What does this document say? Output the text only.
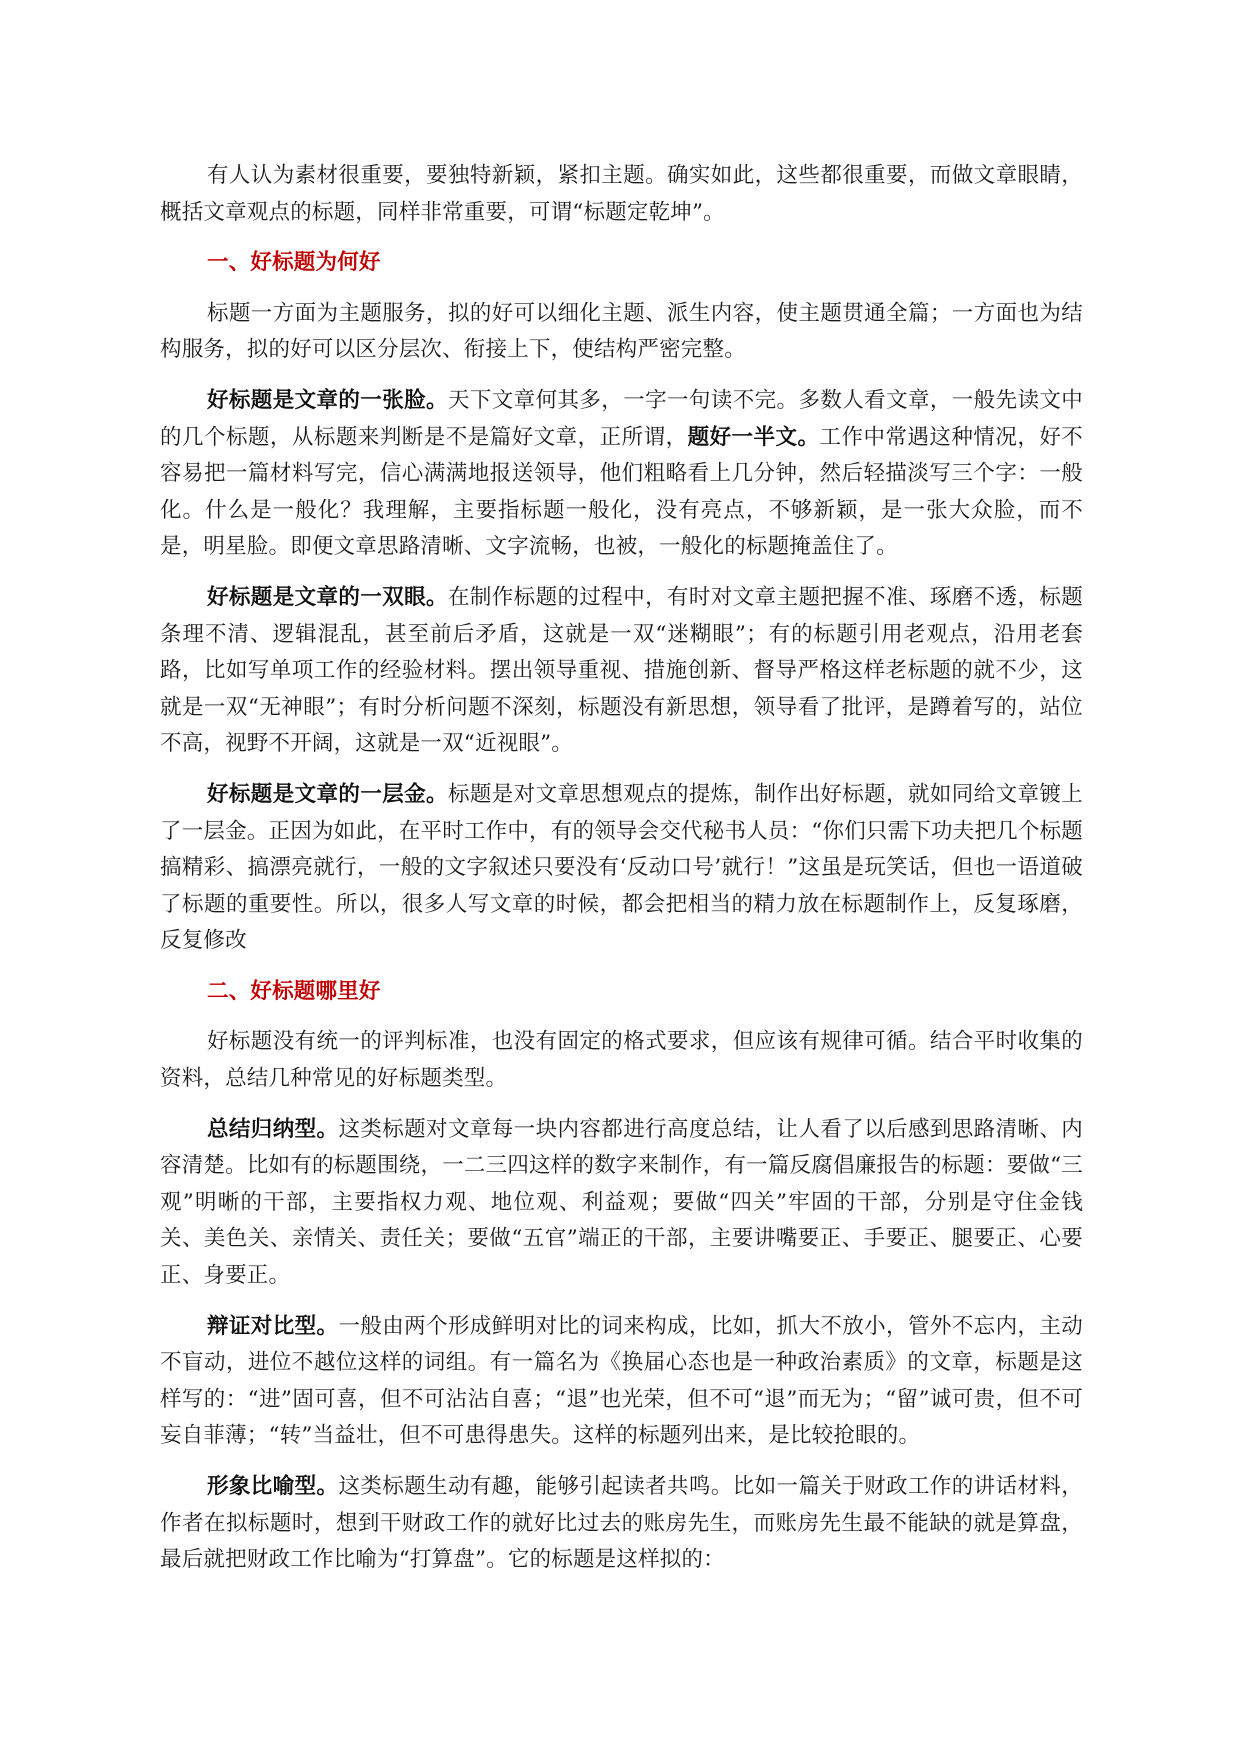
有人认为素材很重要，要独特新颖，紧扣主题。确实如此，这些都很重要，而做文章眼睛，概括文章观点的标题，同样非常重要，可谓“标题定乾坤”。

一、好标题为何好

标题一方面为主题服务，拟的好可以细化主题、派生内容，使主题贯通全篇；一方面也为结构服务，拟的好可以区分层次、衔接上下，使结构严密完整。

好标题是文章的一张脸。天下文章何其多，一字一句读不完。多数人看文章，一般先读文中的几个标题，从标题来判断是不是篇好文章，正所谓，题好一半文。工作中常遇这种情况，好不容易把一篇材料写完，信心满满地报送领导，他们粗略看上几分钟，然后轻描淡写三个字：一般化。什么是一般化？我理解，主要指标题一般化，没有亮点，不够新颖，是一张大众脸，而不是，明星脸。即便文章思路清晰、文字流畅，也被，一般化的标题掩盖住了。

好标题是文章的一双眼。在制作标题的过程中，有时对文章主题把握不准、琢磨不透，标题条理不清、逻辑混乱，甚至前后矛盾，这就是一双“迷糊眼”；有的标题引用老观点，沿用老套路，比如写单项工作的经验材料。摆出领导重视、措施创新、督导严格这样老标题的就不少，这就是一双“无神眼”；有时分析问题不深刻，标题没有新思想，领导看了批评，是蹲着写的，站位不高，视野不开阔，这就是一双“近视眼”。

好标题是文章的一层金。标题是对文章思想观点的提炼，制作出好标题，就如同给文章镀上了一层金。正因为如此，在平时工作中，有的领导会交代秘书人员：“你们只需下功夫把几个标题搞精彩、搞漂亮就行，一般的文字叙述只要没有‘反动口号’就行！”这虽是玩笑话，但也一语道破了标题的重要性。所以，很多人写文章的时候，都会把相当的精力放在标题制作上，反复琢磨，反复修改

二、好标题哪里好

好标题没有统一的评判标准，也没有固定的格式要求，但应该有规律可循。结合平时收集的资料，总结几种常见的好标题类型。

总结归纳型。这类标题对文章每一块内容都进行高度总结，让人看了以后感到思路清晰、内容清楚。比如有的标题围绕，一二三四这样的数字来制作，有一篇反腐倡廉报告的标题：要做“三观”明晰的干部，主要指权力观、地位观、利益观；要做“四关”牢固的干部，分别是守住金钱关、美色关、亲情关、责任关；要做“五官”端正的干部，主要讲嘴要正、手要正、腿要正、心要正、身要正。

辩证对比型。一般由两个形成鲜明对比的词来构成，比如，抓大不放小，管外不忘内，主动不盲动，进位不越位这样的词组。有一篇名为《换届心态也是一种政治素质》的文章，标题是这样写的：“进”固可喜，但不可沾沾自喜；“退”也光荣，但不可“退”而无为；“留”诚可贵，但不可妄自菲薄；“转”当益壮，但不可患得患失。这样的标题列出来，是比较抢眼的。

形象比喻型。这类标题生动有趣，能够引起读者共鸣。比如一篇关于财政工作的讲话材料，作者在拟标题时，想到干财政工作的就好比过去的账房先生，而账房先生最不能缺的就是算盘，最后就把财政工作比喻为“打算盘”。它的标题是这样拟的：
